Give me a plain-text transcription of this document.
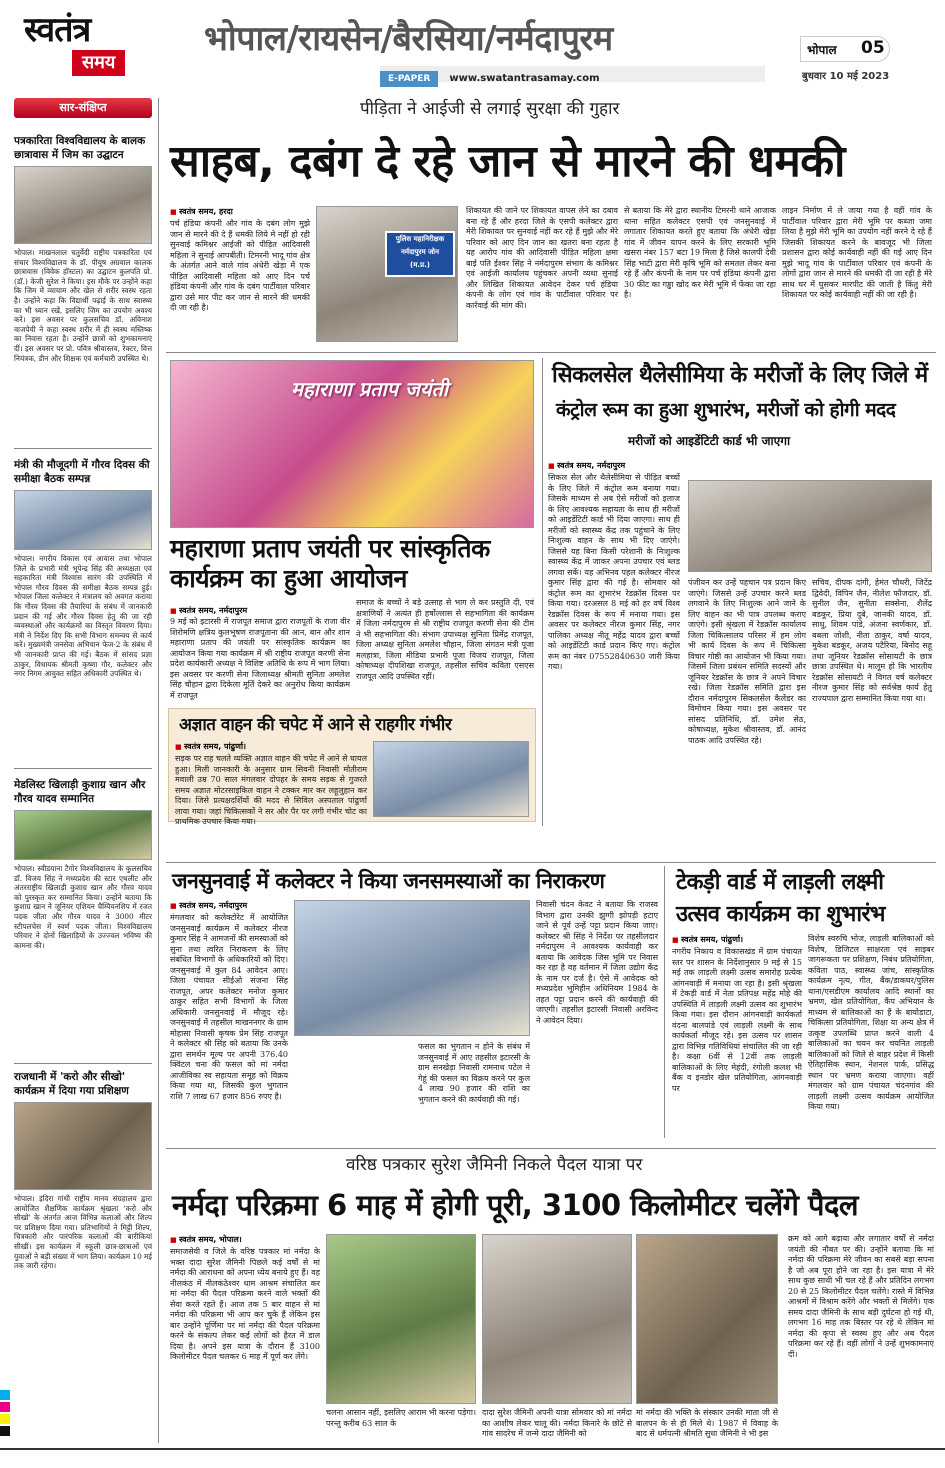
स्वतंत्र
समय
भोपाल/रायसेन/बैरसिया/नर्मदापुरम
E-PAPER www.swatantrasamay.com
भोपाल 05
बुधवार 10 मई 2023
सार-संक्षिप्त
पत्रकारिता विश्वविद्यालय के बालक छात्रावास में जिम का उद्घाटन
भोपाल। माखनलाल चतुर्वेदी राष्ट्रीय पत्रकारिता एवं संचार विश्वविद्यालय के डॉ. पीयूष अग्रवाल कालक छात्रावास (विवेक हॉस्टल) का उद्घाटन कुलपति प्रो. (डॉ.) केजी सुरेश ने किया। इस मौके पर उन्होंने कहा कि जिम में व्यायाम और खेल से शरीर स्वस्थ रहता है। उन्होंने कहा कि विद्यार्थी पढ़ाई के साथ स्वास्थ्य का भी ध्यान रखें, इसलिए जिम का उपयोग अवश्य करें। इस अवसर पर कुलसचिव डॉ. अविनाश वाजपेयी ने कहा स्वस्थ शरीर में ही स्वस्थ मस्तिष्क का निवास रहता है। उन्होंने छात्रों को शुभकामनाएं दीं। इस अवसर पर प्रो. पवित्र श्रीवास्तव, रेक्टर, वित्त नियंत्रक, डीन और शिक्षक एवं कर्मचारी उपस्थित थे।
मंत्री की मौजूदगी में गौरव दिवस की समीक्षा बैठक सम्पन्न
भोपाल। नगरीय विकास एवं आवास तथा भोपाल जिले के प्रभारी मंत्री भूपेन्द्र सिंह की अध्यक्षता एवं सहकारिता मंत्री विश्वास सारंग की उपस्थिति में भोपाल गौरव दिवस की समीक्षा बैठक सम्पन्न हुई। भोपाल जिला कलेक्टर ने मंत्रालय को अवगत कराया कि गौरव दिवस की तैयारियां के संबंध में जानकारी प्रदान की गई और गौरव दिवस हेतु की जा रही व्यवस्थाओं और कार्यक्रमों का विस्तृत विवरण दिया। मंत्री ने निर्देश दिए कि सभी विभाग समन्वय से कार्य करें। मुख्यमंत्री जनसेवा अभियान फेज-2 के संबंध में भी जानकारी प्राप्त की गई। बैठक में सांसद प्रज्ञा ठाकुर, विधायक श्रीमती कृष्णा गौर, कलेक्टर और नगर निगम आयुक्त सहित अधिकारी उपस्थित थे।
मेडलिस्ट खिलाड़ी कुशाग्र खान और गौरव यादव सम्मानित
भोपाल। स्वीडयाना टैगोर विश्वविद्यालय के कुलसचिव डॉ. विजय सिंह ने मध्यप्रदेश की स्टार एथलीट और अंतरराष्ट्रीय खिलाड़ी कुशाग्र खान और गौरव यादव को पुरस्कृत कर सम्मानित किया। उन्होंने बताया कि कुशाग्र खान ने जूनियर एशियन चैम्पियनशिप में रजत पदक जीता और गौरव यादव ने 3000 मीटर स्टीपलचेस में स्वर्ण पदक जीता। विश्वविद्यालय परिवार ने दोनों खिलाड़ियों के उज्ज्वल भविष्य की कामना की।
राजधानी में 'करो और सीखो' कार्यक्रम में दिया गया प्रशिक्षण
भोपाल। इंदिरा गांधी राष्ट्रीय मानव संग्रहालय द्वारा आयोजित शैक्षणिक कार्यक्रम श्रृंखला 'करो और सीखो' के अंतर्गत आज विभिन्न कलाओं और शिल्प पर प्रशिक्षण दिया गया। प्रतिभागियों ने मिट्टी शिल्प, चित्रकारी और पारंपरिक कलाओं की बारीकियां सीखीं। इस कार्यक्रम में स्कूली छात्र-छात्राओं एवं युवाओं ने बड़ी संख्या में भाग लिया। कार्यक्रम 10 मई तक जारी रहेगा।
पीड़िता ने आईजी से लगाई सुरक्षा की गुहार
साहब, दबंग दे रहे जान से मारने की धमकी
■ स्वतंत्र समय, हरदा
पर्च हंडिया कंपनी और गांव के दबंग लोग मुझे जान से मारने की दे हैं धमकी लिये मे नहीं हो रही सुनवाई कमिश्नर आईजी को पीड़ित आदिवासी महिला ने सुनाई आपबीती। टिमरनी भादू गांव क्षेत्र के अंतर्गत आने वाले गांव अंधेरी खेड़ा में एक पीड़ित आदिवासी महिला को आए दिन पर्च हंडिया कंपनी और गांव के दबंग पार्टीवाल परिवार द्वारा उसे मार पीट कर जान से मारने की धमकी दी जा रही है।
पुलिस महानिरीक्षक
नर्मदापुरम जोन
(म.प्र.)
शिकायत की जाने पर शिकायत वापस लेने का दबाव बना रहे हैं और हरदा जिले के एसपी कलेक्टर द्वारा मेरी शिकायत पर सुनवाई नहीं कर रहे हैं मुझे और मेरे परिवार को आए दिन जान का खतरा बना रहता है यह आरोप गांव की आदिवासी पीड़ित महिला क्षमा बाई पति ईश्वर सिंह ने नर्मदापुरम संभाग के कमिश्नर एवं आईजी कार्यालय पहुंचकर अपनी व्यथा सुनाई और लिखित शिकायत आवेदन देकर पर्च हंडिया कंपनी के लोग एवं गांव के पार्टीवाल परिवार पर कार्रवाई की मांग की।
से बताया कि मेरे द्वारा स्थानीय टिमरनी थाने आजाक थाना सहित कलेक्टर एसपी एवं जनसुनवाई में लगातार शिकायत करते हुए बताया कि अंधेरी खेड़ा गांव में जीवन यापन करने के लिए सरकारी भूमि खसरा नंबर 157 बटा 19 मिला है जिसे कालपी देवी सिंह भाटी द्वारा मेरी कृषि भूमि को समतल लेकर बना रहे हैं और कंपनी के नाम पर पर्च हंडिया कंपनी द्वारा 30 फीट का गड्ढा खोद कर मेरी भूमि में फेंका जा रहा है।
लाइन निर्माण में ले जाया गया है वहीं गांव के पार्टीवाल परिवार द्वारा मेरी भूमि पर कब्जा जमा लिया है मुझे मेरी भूमि का उपयोग नहीं करने दे रहे हैं जिसकी शिकायत करने के बावजूद भी जिला प्रशासन द्वारा कोई कार्यवाही नहीं की गई आए दिन मुझे भादू गांव के पार्टीवाल परिवार एवं कंपनी के लोगों द्वारा जान से मारने की धमकी दी जा रही है मेरे साथ घर में घुसकर मारपीट की जाती है किंतु मेरी शिकायत पर कोई कार्यवाही नहीं की जा रही है।
महाराणा प्रताप जयंती
महाराणा प्रताप जयंती पर सांस्कृतिक कार्यक्रम का हुआ आयोजन
■ स्वतंत्र समय, नर्मदापुरम
9 मई को इटारसी में राजपूत समाज द्वारा राजपूतों के राजा वीर शिरोमणि क्षत्रिय कुलभूषण राजपूताना की आन, बान और शान महाराणा प्रताप की जयंती पर सांस्कृतिक कार्यक्रम का आयोजन किया गया कार्यक्रम में श्री राष्ट्रीय राजपूत करणी सेना प्रदेश कार्यकारी अध्यक्ष ने विशिष्ट अतिथि के रूप में भाग लिया। इस अवसर पर करणी सेना जिलाध्यक्ष श्रीमती सुनिता अमलेश सिंह चौहान द्वारा दिकेला मूर्ति देकरे का अनुरोध किया कार्यक्रम में राजपूत
समाज के बच्चों ने बड़े उत्साह से भाग ले कर प्रस्तुति दी, एवं क्षत्राणियों ने अत्यंत ही हर्षोल्लास से सहभागिता की कार्यक्रम में जिला नर्मदापुरम से श्री राष्ट्रीय राजपूत करणी सेना की टीम ने भी सहभागिता की। संभाग उपाध्यक्ष सुनिता प्रिमेंद्र राजपूत, जिला अध्यक्ष सुनिता अमलेश चौहान, जिला संगठन मंत्री पूजा मलहात्रा, जिला मीडिया प्रभारी पूजा विजय राजपूत, जिला कोषाध्यक्ष दीपशिखा राजपूत, तहसील सचिव कविता एसएस राजपूत आदि उपस्थित रहीं।
अज्ञात वाहन की चपेट में आने से राहगीर गंभीर
■ स्वतंत्र समय, पांढुर्णा।
सड़क पर राह चलते व्यक्ति अज्ञात वाहन की चपेट में आने से घायल हुआ। मिली जानकारी के अनुसार ग्राम सिवनी निवासी मोतीराम मवाली उम्र 70 साल मंगलवार दोपहर के समय सड़क से गुजरते समय अज्ञात मोटरसाइकिल वाहन ने टक्कर मार कर लहूलुहान कर दिया। जिसे प्रत्यक्षदर्शियों की मदद से सिविल अस्पताल पांढुर्णा लाया गया। जहां चिकित्सकों ने सर और पैर पर लगी गंभीर चोट का प्राथमिक उपचार किया गया।
सिकलसेल थैलेसीमिया के मरीजों के लिए जिले में
कंट्रोल रूम का हुआ शुभारंभ, मरीजों को होगी मदद
मरीजों को आइडेंटिटी कार्ड भी जाएगा
■ स्वतंत्र समय, नर्मदापुरम
सिकल सेल और थैलेसीमिया से पीड़ित बच्चों के लिए जिले में कंट्रोल रूम बनाया गया। जिसके माध्यम से अब ऐसे मरीजों को इलाज के लिए आवश्यक सहायता के साथ ही मरीजों को आइडेंटिटी कार्ड भी दिया जाएगा। साथ ही मरीजों को स्वास्थ्य केंद्र तक पहुंचाने के लिए निःशुल्क वाहन के साथ भी दिए जाएंगे। जिससे यह बिना किसी परेशानी के निःशुल्क स्वास्थ्य केंद्र में जाकर अपना उपचार एवं ब्लड लगवा सकें। यह अभिनव पहल कलेक्टर नीरज कुमार सिंह द्वारा की गई है। सोमवार को कंट्रोल रूम का शुभारंभ रेडक्रॉस दिवस पर किया गया। दरअसल 8 मई को हर वर्ष विश्व रेडक्रॉस दिवस के रूप में मनाया गया। इस अवसर पर कलेक्टर नीरज कुमार सिंह, नगर पालिका अध्यक्ष नीतू महेंद्र यादव द्वारा बच्चों को आइडेंटिटी कार्ड प्रदान किए गए। कंट्रोल रूम का नंबर 07552840630 जारी किया गया।
पंजीयन कर उन्हें पहचान पत्र प्रदान किए जाएंगे। जिससे उन्हें उपचार करने ब्लड लगवाने के लिए निःशुल्क आने जाने के लिए वाहन का भी पात्र उपलब्ध कराए जाएंगे। इसी श्रृंखला में रेडक्रॉस कार्यालय जिला चिकित्सालय परिसर में हम लोग भी कार्य दिवस के रूप में चिकित्सा विचार गोष्ठी का आयोजन भी किया गया। जिसमें जिला प्रबंधन समिति सदस्यों और जूनियर रेडक्रॉस के छात्र ने अपने विचार रखे। जिला रेडक्रॉस समिति द्वारा इस दौरान नर्मदापुरम सिकलसेल कैलेंडर का विमोचन किया गया। इस अवसर पर सांसद प्रतिनिधि, डॉ. उमेश सेठ, कोषाध्यक्ष, मुकेश श्रीवास्तव, डॉ. आनंद पाठक आदि उपस्थित रहे।
सचिव, दीपक दांगी, हेमंत चौधरी, जिटेंद्र द्विवेदी, विपिन जैन, नीलेश फौजदार, डॉ. सुनील जैन, सुनीता सक्सेना, शैलेंद्र बडकूर, प्रिया दुबे, जानकी यादव, डॉ. साधु, शिवम पांडे, अंजना स्वर्णकार, डॉ. बबला जोशी, नीता ठाकुर, वर्षा यादव, मुकेश बडकूर, अजय पटैरिया, बिनोद सहू तथा जूनियर रेडक्रॉस सोसायटी के छात्र छात्रा उपस्थित थे। मालूम हो कि भारतीय रेडक्रॉस सोसायटी ने विगत वर्ष कलेक्टर नीरज कुमार सिंह को सर्वश्रेष्ठ कार्य हेतु राज्यपाल द्वारा सम्मानित किया गया था।
जनसुनवाई में कलेक्टर ने किया जनसमस्याओं का निराकरण
■ स्वतंत्र समय, नर्मदापुरम
मंगलवार को कलेक्टोरेट में आयोजित जनसुनवाई कार्यक्रम में कलेक्टर नीरज कुमार सिंह ने आमजनों की समस्याओं को सुना तथा त्वरित निराकरण के लिए संबंधित विभागों के अधिकारियों को दिए। जनसुनवाई में कुल 84 आवेदन आए। जिला पंचायत सीईओ संजना सिंह राजपूत, अपर कलेक्टर मनोज कुमार ठाकुर सहित सभी विभागों के जिला अधिकारी जनसुनवाई में मौजूद रहे। जनसुनवाई में तहसील माखननगर के ग्राम मोहासा निवासी कृषक प्रेम सिंह राजपूत ने कलेक्टर श्री सिंह को बताया कि उनके द्वारा समर्थन मूल्य पर अपनी 376.40 क्विंटल चना की फसल को मां नर्मदा आजीविका स्व सहायता समूह को विक्रय किया गया था, जिसकी कुल भुगतान राशि 7 लाख 67 हजार 856 रुपए है।
फसल का भुगतान न होने के संबंध में जनसुनवाई में आए तहसील इटारसी के ग्राम सनखेड़ा निवासी रामनाथ पटेल ने गेहूं की फसल का विक्रय करने पर कुल 4 लाख 90 हजार की राशि का भुगतान करने की कार्यवाही की गई।
निवासी चंदन केवट ने बताया कि राजस्व विभाग द्वारा उनकी झुग्गी झोपड़ी हटाए जाने से पूर्व उन्हें पट्टा प्रदान किया जाए। कलेक्टर श्री सिंह ने निर्देश पर तहसीलदार नर्मदापुरम ने आवश्यक कार्यवाही कर बताया कि आवेदक जिस भूमि पर निवास कर रहा है वह वर्तमान में जिला उद्योग केंद्र के नाम पर दर्ज है। ऐसे में आवेदक को मध्यप्रदेश भूमिहीन अधिनियम 1984 के तहत पट्टा प्रदान करने की कार्यवाही की जाएगी। तहसील इटारसी निवासी अरविन्द ने आवेदन दिया।
टेकड़ी वार्ड में लाड़ली लक्ष्मी
उत्सव कार्यक्रम का शुभारंभ
■ स्वतंत्र समय, पांढुर्णा।
नगरीय निकाय व विकासखंड में ग्राम पंचायत स्तर पर शासन के निर्देशानुसार 9 मई से 15 मई तक लाड़ली लक्ष्मी उत्सव समारोह प्रत्येक आंगनवाड़ी में मनाया जा रहा है। इसी श्रृंखला में टेकड़ी वार्ड में नेता प्रतिपक्ष महेंद्र मोहे की उपस्थिति में लाड़ली लक्ष्मी उत्सव का शुभारंभ किया गया। इस दौरान आंगनवाड़ी कार्यकर्ता वंदना बालपांडे एवं लाड़ली लक्ष्मी के साथ कार्यकर्ता मौजूद रहे। इस उत्सव पर शासन द्वारा विभिन्न गतिविधियां संचालित की जा रही है। कक्षा 6वीं से 12वीं तक लाड़ली बालिकाओं के लिए मेहंदी, रंगोली कलश भी बैंक व इनडोर खेल प्रतियोगिता, आंगनवाड़ी पर
विशेष स्वरुचि भोज, लाड़ली बालिकाओं को विशेष, डिजिटल साक्षरता एवं साइबर जागरूकता पर प्रशिक्षण, निबंध प्रतियोगिता, कविता पाठ, स्वास्थ्य जांच, सांस्कृतिक कार्यक्रम नृत्य, गीत, बैंक/डाकघर/पुलिस थाना/एसडीएम कार्यालय आदि स्थानों का भ्रमण, खेल प्रतियोगिता, कैंप अभियान के माध्यम से बालिकाओं का हैं के बायोडाटा, चिकित्सा प्रतियोगिता, शिक्षा या अन्य क्षेत्र में उत्कृष्ट उपलब्धि प्राप्त करने वाली 4 बालिकाओं का चयन कर चयनित लाड़ली बालिकाओं को जिले से बाहर प्रदेश में किसी ऐतिहासिक स्थान, नेशनल पार्क, प्रसिद्ध स्थान पर भ्रमण कराया जाएगा। वहीं मंगलवार को ग्राम पंचायत चंदनगांव की लाड़ली लक्ष्मी उत्सव कार्यक्रम आयोजित किया गया।
वरिष्ठ पत्रकार सुरेश जैमिनी निकले पैदल यात्रा पर
नर्मदा परिक्रमा 6 माह में होगी पूरी, 3100 किलोमीटर चलेंगे पैदल
■ स्वतंत्र समय, भोपाल।
समाजसेवी व जिले के वरिष्ठ पत्रकार मां नर्मदा के भक्त दादा सुरेश जैमिनी पिछले कई वर्षों से मां नर्मदा की आराधना को अपना ध्येय बनाये हुए हैं। वह नीलकंठ में नीलकंठेश्वर धाम आश्रम संचालित कर मां नर्मदा की पैदल परिक्रमा करने वाले भक्तों की सेवा करते रहते हैं। आज तक 5 बार वाहन से मां नर्मदा की परिक्रमा भी आप कर चुके हैं लेकिन इस बार उन्होंने पूर्णिमा पर मां नर्मदा की पैदल परिक्रमा करने के संकल्प लेकर कई लोगों को हैरत में डाल दिया है। अपने इस यात्रा के दौरान हैं 3100 किलोमीटर पैदल चलकर 6 माह में पूर्ण कर लेंगे।
चलना आसान नहीं, इसलिए आराम भी करना पड़ेगा। परन्तु करीब 63 साल के
दादा सुरेश जैमिनी अपनी यात्रा सोमवार को मां नर्मदा का आशीष लेकर चालू की। नर्मदा किनारे के छोटे से गांव सादरेच में जन्मे दादा जैमिनी को
मां नर्मदा की भक्ति के संस्कार उनकी माता जी से बालपन के से ही मिले थे। 1987 में विवाह के बाद से धर्मपत्नी श्रीमति सुधा जैमिनी ने भी इस
क्रम को आगे बढ़ाया और लगातार वर्षों से नर्मदा जयंती की नौबत पर की। उन्होंने बताया कि मां नर्मदा की परिक्रमा मेरे जीवन का सबसे बड़ा सपना है जो अब पूरा होने जा रहा है। इस यात्रा में मेरे साथ कुछ साथी भी चल रहे हैं और प्रतिदिन लगभग 20 से 25 किलोमीटर पैदल चलेंगे। रास्ते में विभिन्न आश्रमों में विश्राम करेंगे और भक्तों से मिलेंगे। एक समय दादा जैमिनी के साथ बड़ी दुर्घटना हो गई थी, लगभग 16 माह तक बिस्तर पर रहे थे लेकिन मां नर्मदा की कृपा से स्वस्थ हुए और अब पैदल परिक्रमा कर रहे हैं। वहीं लोगों ने उन्हें शुभकामनाएं दीं।
